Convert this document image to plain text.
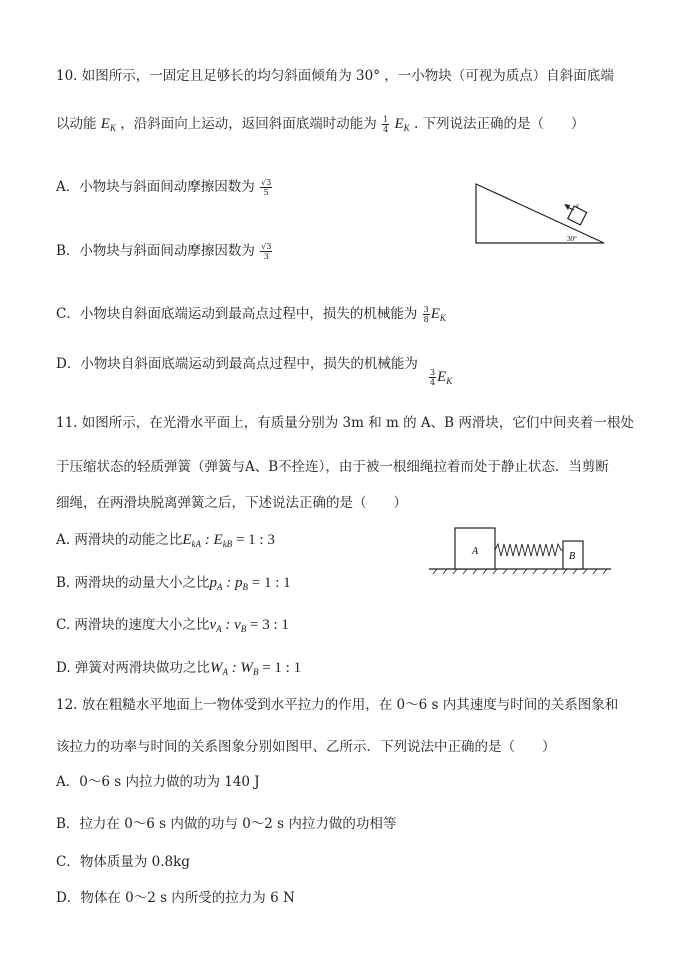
10. 如图所示，一固定且足够长的均匀斜面倾角为 30° ，一小物块（可视为质点）自斜面底端
以动能 $E_K$ ，沿斜面向上运动，返回斜面底端时动能为 $\frac{1}{4} E_K$ . 下列说法正确的是（　　）
A．小物块与斜面间动摩擦因数为 $\frac{√3}{5}$
B．小物块与斜面间动摩擦因数为 $\frac{√3}{3}$
C．小物块自斜面底端运动到最高点过程中，损失的机械能为 $\frac{3}{8} E_K$
D．小物块自斜面底端运动到最高点过程中，损失的机械能为
$\frac{3}{4} E_K$
v
30°
11. 如图所示，在光滑水平面上，有质量分别为 3m 和 m 的 A、B 两滑块，它们中间夹着一根处
于压缩状态的轻质弹簧（弹簧与A、B不拴连），由于被一根细绳拉着而处于静止状态．当剪断
细绳，在两滑块脱离弹簧之后，下述说法正确的是（　　）
A. 两滑块的动能之比$E_{kA}$ : $E_{kB} = 1$ : 3
B. 两滑块的动量大小之比$p_A$ : $p_B = 1$ : 1
C. 两滑块的速度大小之比$v_A$ : $v_B = 3$ : 1
D. 弹簧对两滑块做功之比$W_A$ : $W_B = 1$ : 1
A	B
12. 放在粗糙水平地面上一物体受到水平拉力的作用，在 0～6 s 内其速度与时间的关系图象和
该拉力的功率与时间的关系图象分别如图甲、乙所示．下列说法中正确的是（　　）
A．0～6 s 内拉力做的功为 140 J
B．拉力在 0～6 s 内做的功与 0～2 s 内拉力做的功相等
C．物体质量为 0.8kg
D．物体在 0～2 s 内所受的拉力为 6 N
